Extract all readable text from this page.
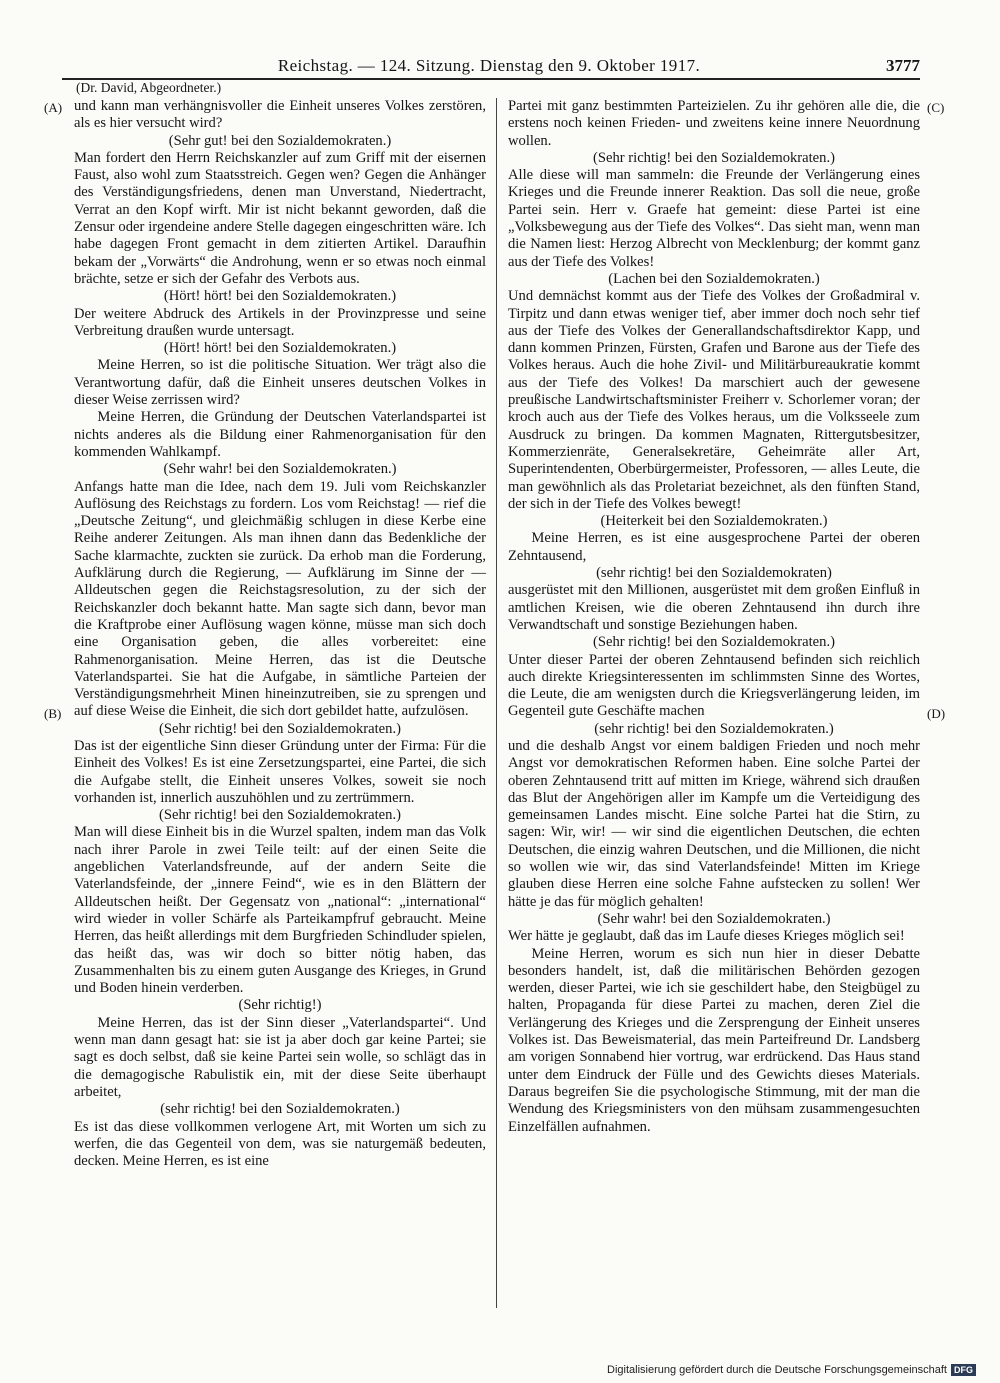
Reichstag. — 124. Sitzung. Dienstag den 9. Oktober 1917.	3777
(Dr. David, Abgeordneter.)
(A)
(B)
(C)
(D)

und kann man verhängnisvoller die Einheit unseres Volkes zerstören, als es hier versucht wird?

(Sehr gut! bei den Sozialdemokraten.)

Man fordert den Herrn Reichskanzler auf zum Griff mit der eisernen Faust, also wohl zum Staatsstreich. Gegen wen? Gegen die Anhänger des Verständigungsfriedens, denen man Unverstand, Niedertracht, Verrat an den Kopf wirft. Mir ist nicht bekannt geworden, daß die Zensur oder irgendeine andere Stelle dagegen eingeschritten wäre. Ich habe dagegen Front gemacht in dem zitierten Artikel. Daraufhin bekam der „Vorwärts“ die Androhung, wenn er so etwas noch einmal brächte, setze er sich der Gefahr des Verbots aus.

(Hört! hört! bei den Sozialdemokraten.)

Der weitere Abdruck des Artikels in der Provinzpresse und seine Verbreitung draußen wurde untersagt.

(Hört! hört! bei den Sozialdemokraten.)

Meine Herren, so ist die politische Situation. Wer trägt also die Verantwortung dafür, daß die Einheit unseres deutschen Volkes in dieser Weise zerrissen wird?

Meine Herren, die Gründung der Deutschen Vaterlandspartei ist nichts anderes als die Bildung einer Rahmenorganisation für den kommenden Wahlkampf.

(Sehr wahr! bei den Sozialdemokraten.)

Anfangs hatte man die Idee, nach dem 19. Juli vom Reichskanzler Auflösung des Reichstags zu fordern. Los vom Reichstag! — rief die „Deutsche Zeitung“, und gleichmäßig schlugen in diese Kerbe eine Reihe anderer Zeitungen. Als man ihnen dann das Bedenkliche der Sache klarmachte, zuckten sie zurück. Da erhob man die Forderung, Aufklärung durch die Regierung, — Aufklärung im Sinne der — Alldeutschen gegen die Reichstagsresolution, zu der sich der Reichskanzler doch bekannt hatte. Man sagte sich dann, bevor man die Kraftprobe einer Auflösung wagen könne, müsse man sich doch eine Organisation geben, die alles vorbereitet: eine Rahmenorganisation. Meine Herren, das ist die Deutsche Vaterlandspartei. Sie hat die Aufgabe, in sämtliche Parteien der Verständigungsmehrheit Minen hineinzutreiben, sie zu sprengen und auf diese Weise die Einheit, die sich dort gebildet hatte, aufzulösen.

(Sehr richtig! bei den Sozialdemokraten.)

Das ist der eigentliche Sinn dieser Gründung unter der Firma: Für die Einheit des Volkes! Es ist eine Zersetzungspartei, eine Partei, die sich die Aufgabe stellt, die Einheit unseres Volkes, soweit sie noch vorhanden ist, innerlich auszuhöhlen und zu zertrümmern.

(Sehr richtig! bei den Sozialdemokraten.)

Man will diese Einheit bis in die Wurzel spalten, indem man das Volk nach ihrer Parole in zwei Teile teilt: auf der einen Seite die angeblichen Vaterlandsfreunde, auf der andern Seite die Vaterlandsfeinde, der „innere Feind“, wie es in den Blättern der Alldeutschen heißt. Der Gegensatz von „national“: „international“ wird wieder in voller Schärfe als Parteikampfruf gebraucht. Meine Herren, das heißt allerdings mit dem Burgfrieden Schindluder spielen, das heißt das, was wir doch so bitter nötig haben, das Zusammenhalten bis zu einem guten Ausgange des Krieges, in Grund und Boden hinein verderben.

(Sehr richtig!)

Meine Herren, das ist der Sinn dieser „Vaterlandspartei“. Und wenn man dann gesagt hat: sie ist ja aber doch gar keine Partei; sie sagt es doch selbst, daß sie keine Partei sein wolle, so schlägt das in die demagogische Rabulistik ein, mit der diese Seite überhaupt arbeitet,

(sehr richtig! bei den Sozialdemokraten.)

Es ist das diese vollkommen verlogene Art, mit Worten um sich zu werfen, die das Gegenteil von dem, was sie naturgemäß bedeuten, decken. Meine Herren, es ist eine

Partei mit ganz bestimmten Parteizielen. Zu ihr gehören alle die, die erstens noch keinen Frieden- und zweitens keine innere Neuordnung wollen.

(Sehr richtig! bei den Sozialdemokraten.)

Alle diese will man sammeln: die Freunde der Verlängerung eines Krieges und die Freunde innerer Reaktion. Das soll die neue, große Partei sein. Herr v. Graefe hat gemeint: diese Partei ist eine „Volksbewegung aus der Tiefe des Volkes“. Das sieht man, wenn man die Namen liest: Herzog Albrecht von Mecklenburg; der kommt ganz aus der Tiefe des Volkes!

(Lachen bei den Sozialdemokraten.)

Und demnächst kommt aus der Tiefe des Volkes der Großadmiral v. Tirpitz und dann etwas weniger tief, aber immer doch noch sehr tief aus der Tiefe des Volkes der Generallandschaftsdirektor Kapp, und dann kommen Prinzen, Fürsten, Grafen und Barone aus der Tiefe des Volkes heraus. Auch die hohe Zivil- und Militärbureaukratie kommt aus der Tiefe des Volkes! Da marschiert auch der gewesene preußische Landwirtschaftsminister Freiherr v. Schorlemer voran; der kroch auch aus der Tiefe des Volkes heraus, um die Volksseele zum Ausdruck zu bringen. Da kommen Magnaten, Rittergutsbesitzer, Kommerzienräte, Generalsekretäre, Geheimräte aller Art, Superintendenten, Oberbürgermeister, Professoren, — alles Leute, die man gewöhnlich als das Proletariat bezeichnet, als den fünften Stand, der sich in der Tiefe des Volkes bewegt!

(Heiterkeit bei den Sozialdemokraten.)

Meine Herren, es ist eine ausgesprochene Partei der oberen Zehntausend,

(sehr richtig! bei den Sozialdemokraten)

ausgerüstet mit den Millionen, ausgerüstet mit dem großen Einfluß in amtlichen Kreisen, wie die oberen Zehntausend ihn durch ihre Verwandtschaft und sonstige Beziehungen haben.

(Sehr richtig! bei den Sozialdemokraten.)

Unter dieser Partei der oberen Zehntausend befinden sich reichlich auch direkte Kriegsinteressenten im schlimmsten Sinne des Wortes, die Leute, die am wenigsten durch die Kriegsverlängerung leiden, im Gegenteil gute Geschäfte machen

(sehr richtig! bei den Sozialdemokraten.)

und die deshalb Angst vor einem baldigen Frieden und noch mehr Angst vor demokratischen Reformen haben. Eine solche Partei der oberen Zehntausend tritt auf mitten im Kriege, während sich draußen das Blut der Angehörigen aller im Kampfe um die Verteidigung des gemeinsamen Landes mischt. Eine solche Partei hat die Stirn, zu sagen: Wir, wir! — wir sind die eigentlichen Deutschen, die echten Deutschen, die einzig wahren Deutschen, und die Millionen, die nicht so wollen wie wir, das sind Vaterlandsfeinde! Mitten im Kriege glauben diese Herren eine solche Fahne aufstecken zu sollen! Wer hätte je das für möglich gehalten!

(Sehr wahr! bei den Sozialdemokraten.)

Wer hätte je geglaubt, daß das im Laufe dieses Krieges möglich sei!

Meine Herren, worum es sich nun hier in dieser Debatte besonders handelt, ist, daß die militärischen Behörden gezogen werden, dieser Partei, wie ich sie geschildert habe, den Steigbügel zu halten, Propaganda für diese Partei zu machen, deren Ziel die Verlängerung des Krieges und die Zersprengung der Einheit unseres Volkes ist. Das Beweismaterial, das mein Parteifreund Dr. Landsberg am vorigen Sonnabend hier vortrug, war erdrückend. Das Haus stand unter dem Eindruck der Fülle und des Gewichts dieses Materials. Daraus begreifen Sie die psychologische Stimmung, mit der man die Wendung des Kriegsministers von den mühsam zusammengesuchten Einzelfällen aufnahmen.

Digitalisierung gefördert durch die Deutsche Forschungsgemeinschaft DFG
